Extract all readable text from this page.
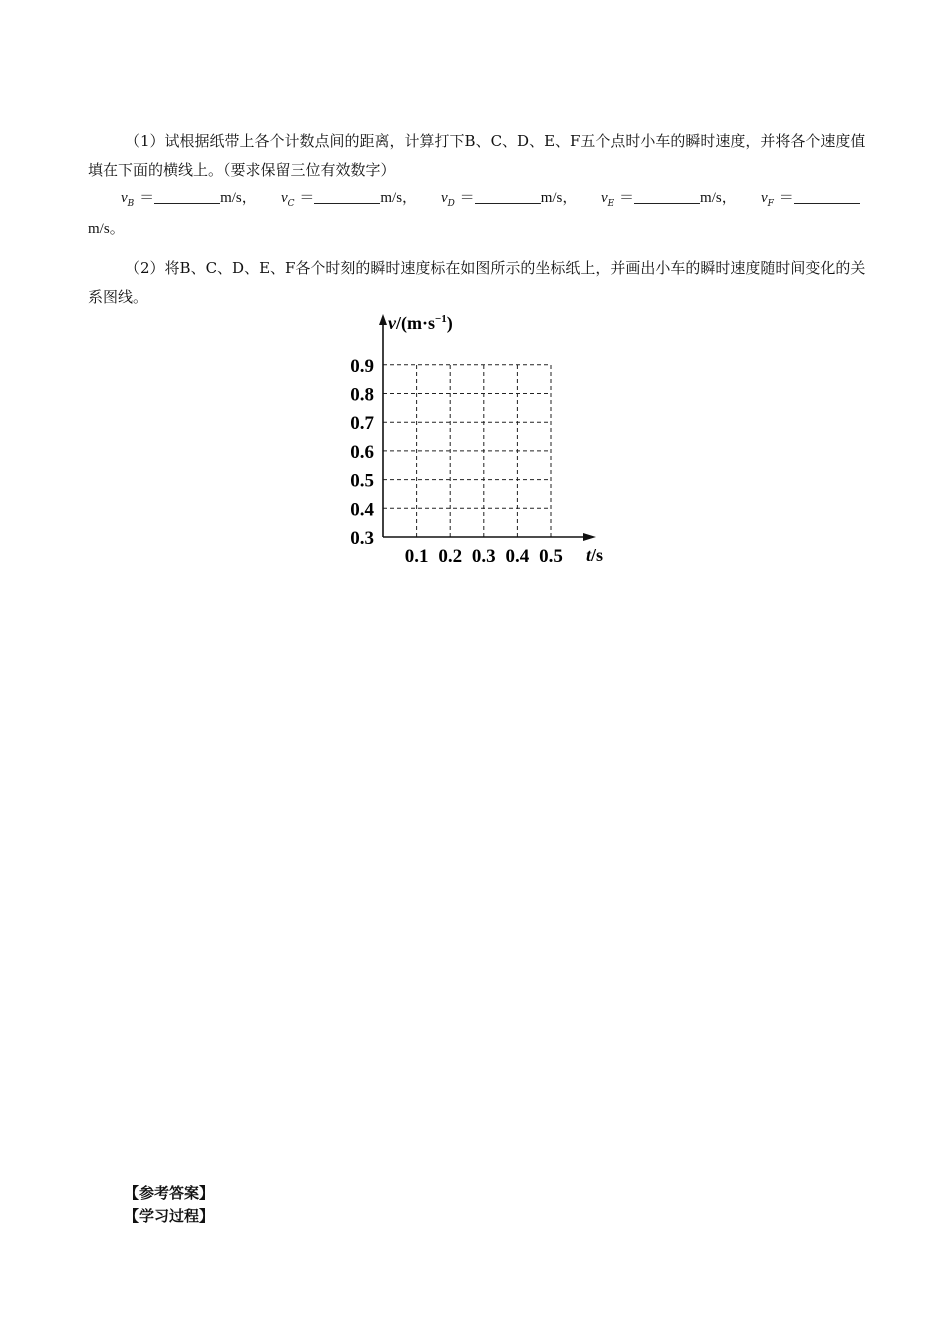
（1）试根据纸带上各个计数点间的距离，计算打下B、C、D、E、F五个点时小车的瞬时速度，并将各个速度值填在下面的横线上。（要求保留三位有效数字）
$v_B$ ＝	m/s， $v_C$ ＝	m/s， $v_D$ ＝	m/s， $v_E$ ＝	m/s， $v_F$ ＝
m/s。
（2）将B、C、D、E、F各个时刻的瞬时速度标在如图所示的坐标纸上，并画出小车的瞬时速度随时间变化的关系图线。
0.3
0.4
0.5
0.6
0.7
0.8
0.9
0.1 0.2 0.3 0.4 0.5
$v/(m\cdot s^{-1})$
t/s
【参考答案】
【学习过程】
